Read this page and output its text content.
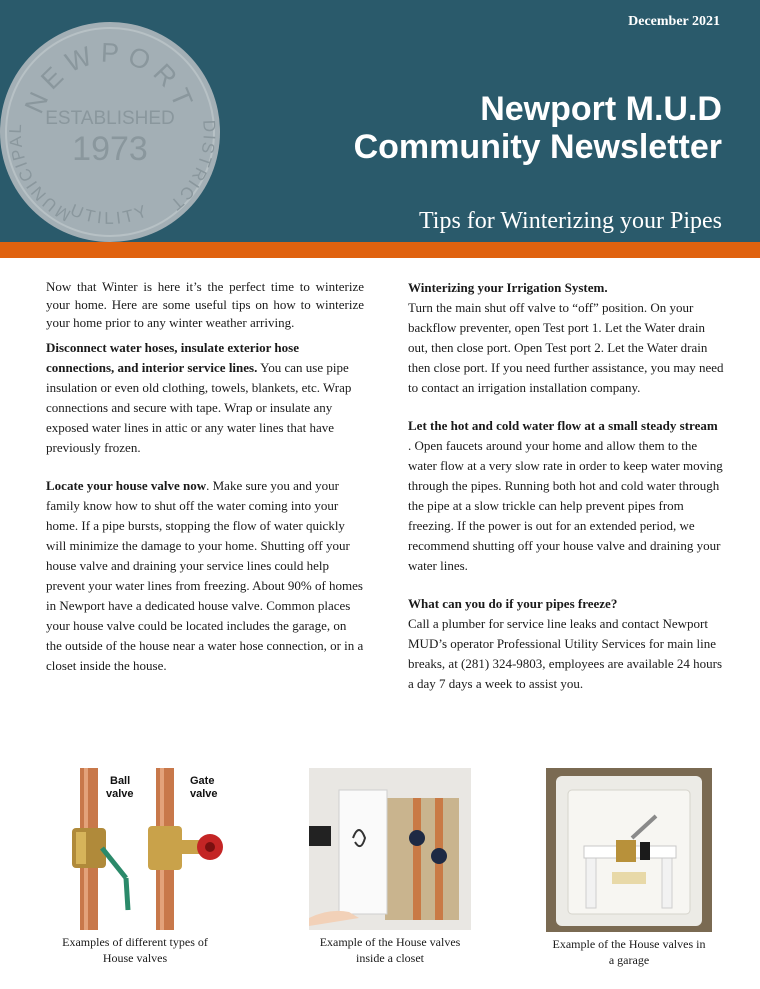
NEWPORT
MUNICIPAL
UTILITY
DISTRICT
ESTABLISHED
1973
December 2021
Newport M.U.D
Community Newsletter
Tips for Winterizing your Pipes

Now that Winter is here it’s the perfect time to winterize your home. Here are some useful tips on how to winterize your home prior to any winter weather arriving.

Disconnect water hoses, insulate exterior hose connections, and interior service lines. You can use pipe insulation or even old clothing, towels, blankets, etc. Wrap connections and secure with tape. Wrap or insulate any exposed water lines in attic or any water lines that have previously frozen.

Locate your house valve now. Make sure you and your family know how to shut off the water coming into your home. If a pipe bursts, stopping the flow of water quickly will minimize the damage to your home. Shutting off your house valve and draining your service lines could help prevent your water lines from freezing. About 90% of homes in Newport have a dedicated house valve. Common places your house valve could be located includes the garage, on the outside of the house near a water hose connection, or in a closet inside the house.

Winterizing your Irrigation System.
Turn the main shut off valve to “off” position. On your backflow preventer, open Test port 1. Let the Water drain out, then close port. Open Test port 2. Let the Water drain then close port. If you need further assistance, you may need to contact an irrigation installation company.

Let the hot and cold water flow at a small steady stream . Open faucets around your home and allow them to the water flow at a very slow rate in order to keep water moving through the pipes. Running both hot and cold water through the pipe at a slow trickle can help prevent pipes from freezing. If the power is out for an extended period, we recommend shutting off your house valve and draining your water lines.

What can you do if your pipes freeze?
Call a plumber for service line leaks and contact Newport MUD’s operator Professional Utility Services for main line breaks, at (281) 324-9803, employees are available 24 hours a day 7 days a week to assist you.

Ball
valve
Gate
valve
Examples of different types of
House valves
Example of the House valves
inside a closet
Example of the House valves in
a garage
